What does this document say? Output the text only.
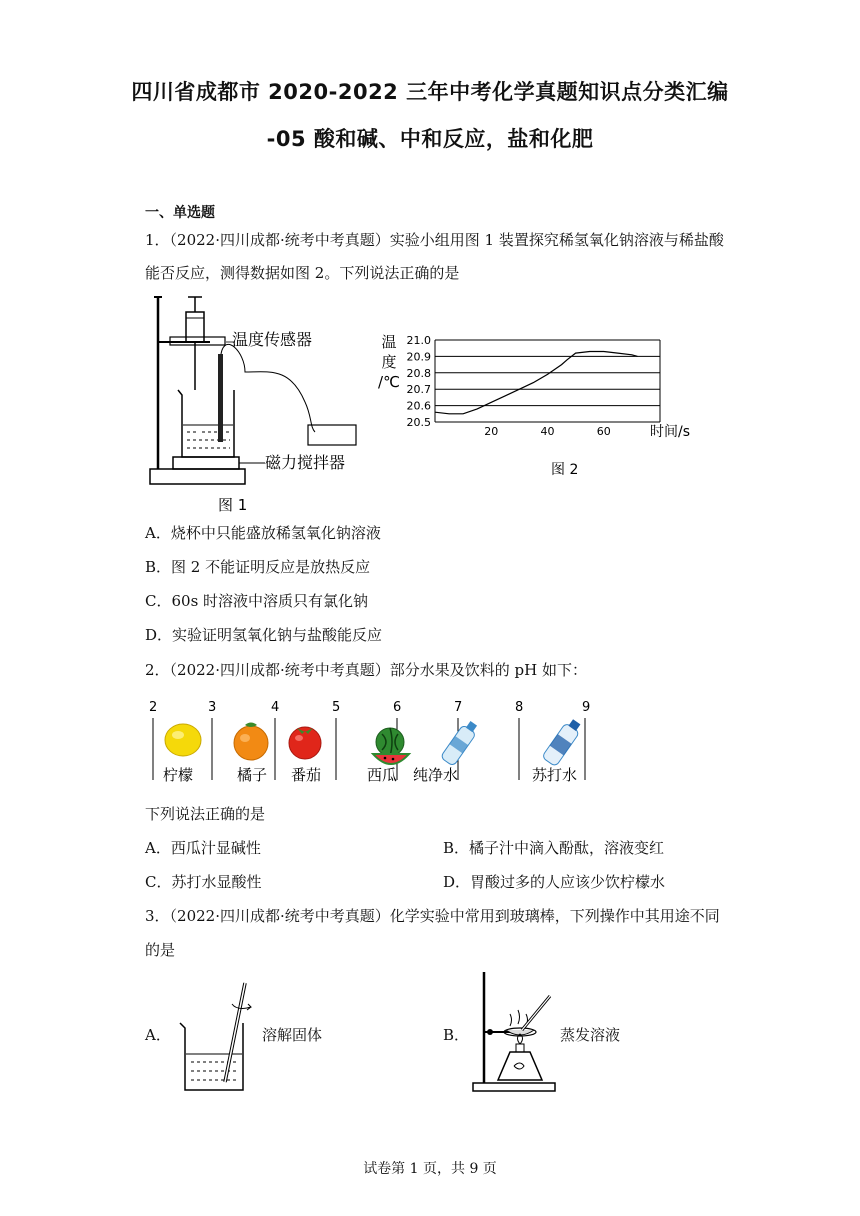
四川省成都市 2020-2022 三年中考化学真题知识点分类汇编
-05 酸和碱、中和反应，盐和化肥
一、单选题
1．（2022·四川成都·统考中考真题）实验小组用图 1 装置探究稀氢氧化钠溶液与稀盐酸
能否反应，测得数据如图 2。下列说法正确的是
温度传感器
磁力搅拌器
图 1
20.5
20.6
20.7
20.8
20.9
21.0
20	40	60	时间/s
温
度
/℃
图 2
A．烧杯中只能盛放稀氢氧化钠溶液
B．图 2 不能证明反应是放热反应
C．60s 时溶液中溶质只有氯化钠
D．实验证明氢氧化钠与盐酸能反应
2．（2022·四川成都·统考中考真题）部分水果及饮料的 pH 如下：
2	3	4	5	6	7	8	9
柠檬	橘子 番茄	西瓜 纯净水	苏打水
下列说法正确的是
A．西瓜汁显碱性	B．橘子汁中滴入酚酞，溶液变红
C．苏打水显酸性	D．胃酸过多的人应该少饮柠檬水
3．（2022·四川成都·统考中考真题）化学实验中常用到玻璃棒，下列操作中其用途不同
的是
A．	溶解固体	B．	蒸发溶液
试卷第 1 页，共 9 页
